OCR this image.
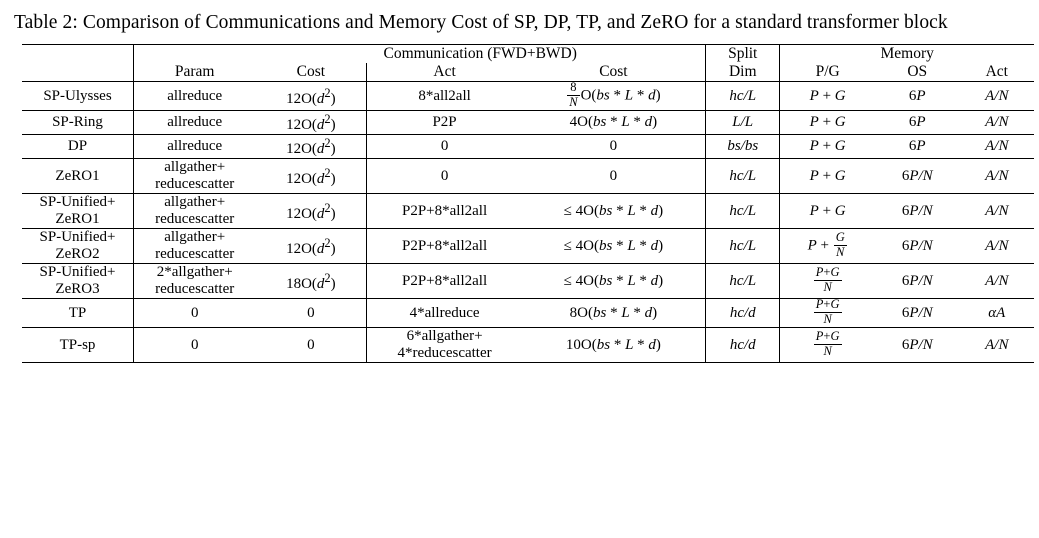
Table 2: Comparison of Communications and Memory Cost of SP, DP, TP, and ZeRO for a standard transformer block
		Communication (FWD+BWD)			Split	Memory		
	Param	Cost	Act	Cost	Dim	P/G	OS	Act
SP-Ulysses	allreduce	$12O(d^2)$	8*all2all	$\frac{8}{N} O(bs$ * L * d)	hc/L	P + G	6P	A/N
SP-Ring	allreduce	$12O(d^2)$	P2P	4O(bs * L * d)	L/L	P + G	6P	A/N
DP	allreduce	$12O(d^2)$	0	0	bs/bs	P + G	6P	A/N
ZeRO1	allgather+
reducescatter	$12O(d^2)$	0	0	hc/L	P + G	6P/N	A/N

SP-Unified+
ZeRO1	allgather+
reducescatter	$12O(d^2)$	P2P+8*all2all	≤ 4O(bs * L * d)	hc/L	P + G	6P/N	A/N

SP-Unified+
ZeRO2	allgather+
reducescatter	$12O(d^2)$	P2P+8*all2all	≤ 4O(bs * L * d)	hc/L	$P + \frac{G}{N}$	6P/N	A/N

SP-Unified+
ZeRO3	2*allgather+
reducescatter	$18O(d^2)$	P2P+8*all2all	≤ 4O(bs * L * d)	hc/L	$\frac{P+G}{N}$	6P/N	A/N
TP	0	0	4*allreduce	8O(bs * L * d)	hc/d	$\frac{P+G}{N}$	6P/N	αA
TP-sp	0	0	6*allgather+
4*reducescatter	10O(bs * L * d)	hc/d	$\frac{P+G}{N}$	6P/N	A/N
